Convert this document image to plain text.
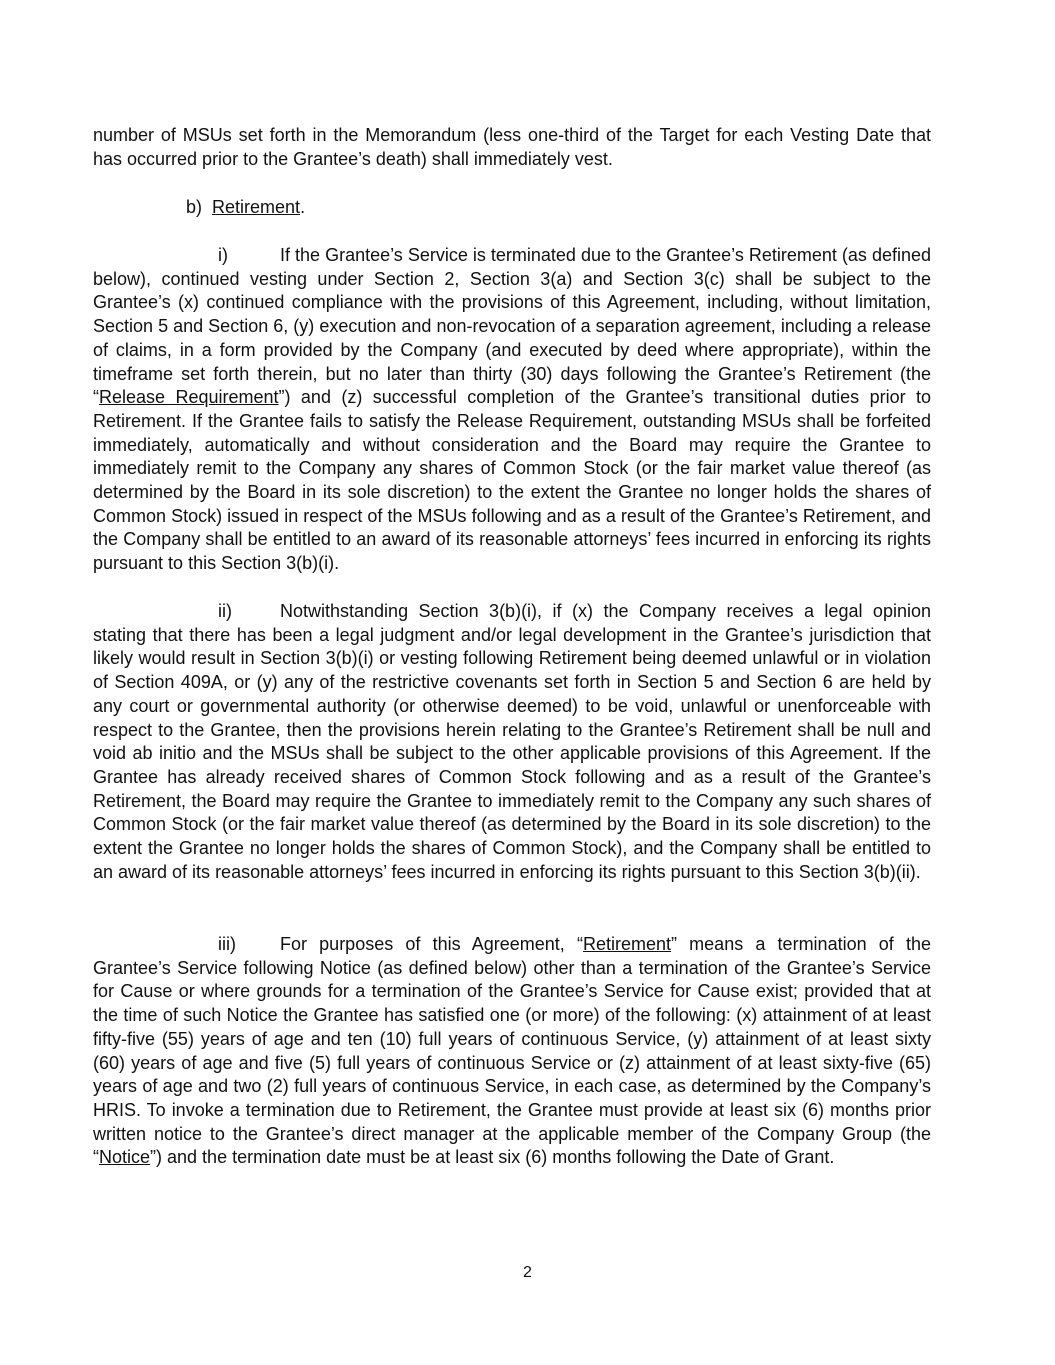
number of MSUs set forth in the Memorandum (less one-third of the Target for each Vesting Date that has occurred prior to the Grantee’s death) shall immediately vest.

b) Retirement.

i)	If the Grantee’s Service is terminated due to the Grantee’s Retirement (as defined below), continued vesting under Section 2, Section 3(a) and Section 3(c) shall be subject to the Grantee’s (x) continued compliance with the provisions of this Agreement, including, without limitation, Section 5 and Section 6, (y) execution and non-revocation of a separation agreement, including a release of claims, in a form provided by the Company (and executed by deed where appropriate), within the timeframe set forth therein, but no later than thirty (30) days following the Grantee’s Retirement (the “Release Requirement”) and (z) successful completion of the Grantee’s transitional duties prior to Retirement. If the Grantee fails to satisfy the Release Requirement, outstanding MSUs shall be forfeited immediately, automatically and without consideration and the Board may require the Grantee to immediately remit to the Company any shares of Common Stock (or the fair market value thereof (as determined by the Board in its sole discretion) to the extent the Grantee no longer holds the shares of Common Stock) issued in respect of the MSUs following and as a result of the Grantee’s Retirement, and the Company shall be entitled to an award of its reasonable attorneys’ fees incurred in enforcing its rights pursuant to this Section 3(b)(i).

ii)	Notwithstanding Section 3(b)(i), if (x) the Company receives a legal opinion stating that there has been a legal judgment and/or legal development in the Grantee’s jurisdiction that likely would result in Section 3(b)(i) or vesting following Retirement being deemed unlawful or in violation of Section 409A, or (y) any of the restrictive covenants set forth in Section 5 and Section 6 are held by any court or governmental authority (or otherwise deemed) to be void, unlawful or unenforceable with respect to the Grantee, then the provisions herein relating to the Grantee’s Retirement shall be null and void ab initio and the MSUs shall be subject to the other applicable provisions of this Agreement. If the Grantee has already received shares of Common Stock following and as a result of the Grantee’s Retirement, the Board may require the Grantee to immediately remit to the Company any such shares of Common Stock (or the fair market value thereof (as determined by the Board in its sole discretion) to the extent the Grantee no longer holds the shares of Common Stock), and the Company shall be entitled to an award of its reasonable attorneys’ fees incurred in enforcing its rights pursuant to this Section 3(b)(ii).

iii) For purposes of this Agreement, “Retirement” means a termination of the Grantee’s Service following Notice (as defined below) other than a termination of the Grantee’s Service for Cause or where grounds for a termination of the Grantee’s Service for Cause exist; provided that at the time of such Notice the Grantee has satisfied one (or more) of the following: (x) attainment of at least fifty-five (55) years of age and ten (10) full years of continuous Service, (y) attainment of at least sixty (60) years of age and five (5) full years of continuous Service or (z) attainment of at least sixty-five (65) years of age and two (2) full years of continuous Service, in each case, as determined by the Company’s HRIS. To invoke a termination due to Retirement, the Grantee must provide at least six (6) months prior written notice to the Grantee’s direct manager at the applicable member of the Company Group (the “Notice”) and the termination date must be at least six (6) months following the Date of Grant.

2
